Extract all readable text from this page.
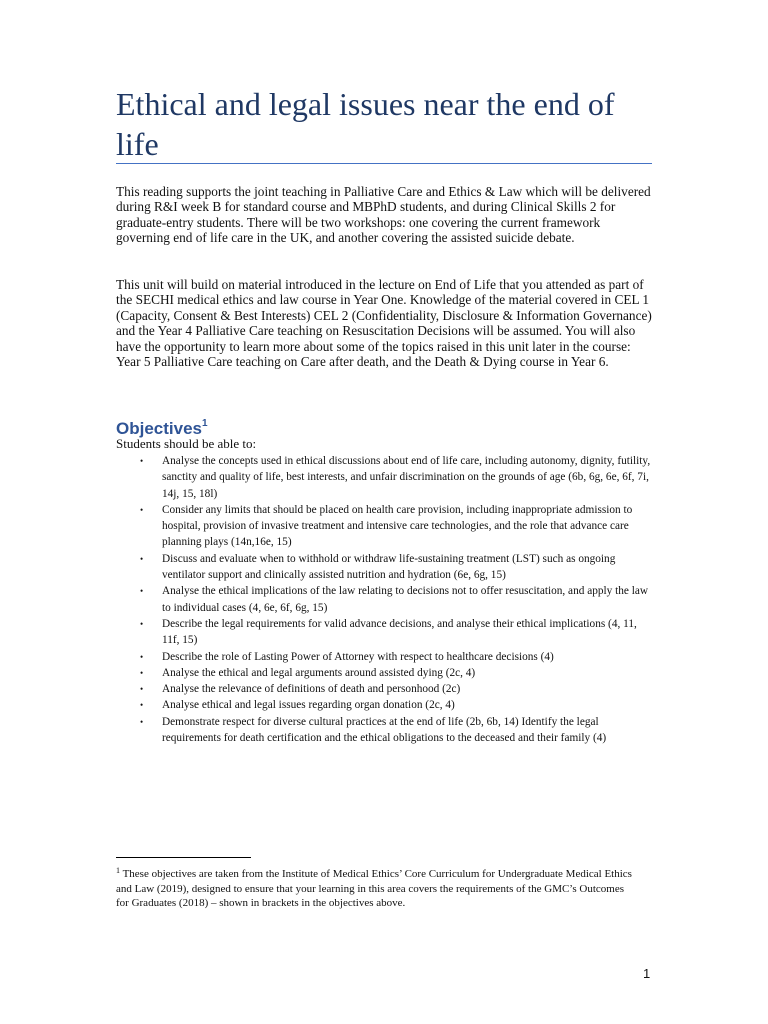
Ethical and legal issues near the end of life

This reading supports the joint teaching in Palliative Care and Ethics & Law which will be delivered during R&I week B for standard course and MBPhD students, and during Clinical Skills 2 for graduate-entry students. There will be two workshops: one covering the current framework governing end of life care in the UK, and another covering the assisted suicide debate.

This unit will build on material introduced in the lecture on End of Life that you attended as part of the SECHI medical ethics and law course in Year One. Knowledge of the material covered in CEL 1 (Capacity, Consent & Best Interests) CEL 2 (Confidentiality, Disclosure & Information Governance) and the Year 4 Palliative Care teaching on Resuscitation Decisions will be assumed. You will also have the opportunity to learn more about some of the topics raised in this unit later in the course: Year 5 Palliative Care teaching on Care after death, and the Death & Dying course in Year 6.

Objectives$^1$

Students should be able to:

• Analyse the concepts used in ethical discussions about end of life care, including autonomy, dignity, futility, sanctity and quality of life, best interests, and unfair discrimination on the grounds of age (6b, 6g, 6e, 6f, 7i, 14j, 15, 18l)
• Consider any limits that should be placed on health care provision, including inappropriate admission to hospital, provision of invasive treatment and intensive care technologies, and the role that advance care planning plays (14n,16e, 15)
• Discuss and evaluate when to withhold or withdraw life-sustaining treatment (LST) such as ongoing ventilator support and clinically assisted nutrition and hydration (6e, 6g, 15)
• Analyse the ethical implications of the law relating to decisions not to offer resuscitation, and apply the law to individual cases (4, 6e, 6f, 6g, 15)
• Describe the legal requirements for valid advance decisions, and analyse their ethical implications (4, 11, 11f, 15)
• Describe the role of Lasting Power of Attorney with respect to healthcare decisions (4)
• Analyse the ethical and legal arguments around assisted dying (2c, 4)
• Analyse the relevance of definitions of death and personhood (2c)
• Analyse ethical and legal issues regarding organ donation (2c, 4)
• Demonstrate respect for diverse cultural practices at the end of life (2b, 6b, 14) Identify the legal requirements for death certification and the ethical obligations to the deceased and their family (4)

$^1$ These objectives are taken from the Institute of Medical Ethics’ Core Curriculum for Undergraduate Medical Ethics and Law (2019), designed to ensure that your learning in this area covers the requirements of the GMC’s Outcomes for Graduates (2018) – shown in brackets in the objectives above.

1
